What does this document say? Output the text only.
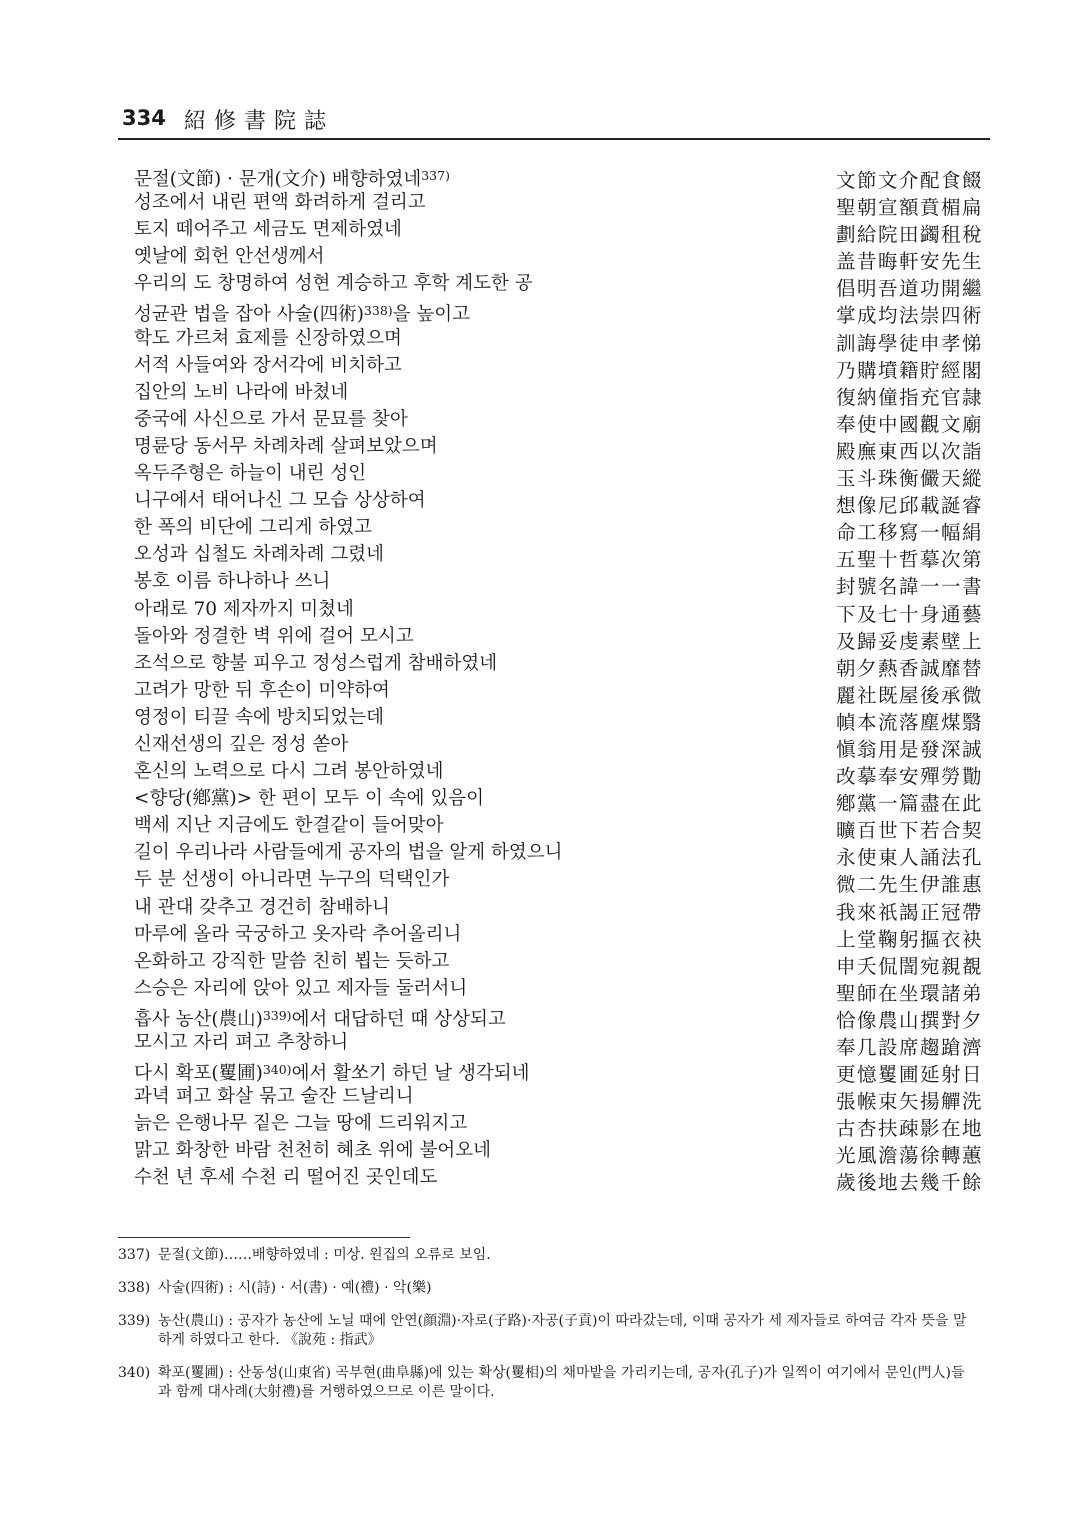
334 紹修書院誌
문절(文節) · 문개(文介) 배향하였네$^{337)}$	文節文介配食餟
성조에서 내린 편액 화려하게 걸리고	聖朝宣額賁楣扁
토지 떼어주고 세금도 면제하였네	劃給院田蠲租稅
옛날에 회헌 안선생께서	盖昔晦軒安先生
우리의 도 창명하여 성현 계승하고 후학 계도한 공	倡明吾道功開繼
성균관 법을 잡아 사술(四術)$^{338)}$을 높이고	掌成均法崇四術
학도 가르쳐 효제를 신장하였으며	訓誨學徒申孝悌
서적 사들여와 장서각에 비치하고	乃購墳籍貯經閣
집안의 노비 나라에 바쳤네	復納僮指充官隷
중국에 사신으로 가서 문묘를 찾아	奉使中國觀文廟
명륜당 동서무 차례차례 살펴보았으며	殿廡東西以次詣
옥두주형은 하늘이 내린 성인	玉斗珠衡儼天縱
니구에서 태어나신 그 모습 상상하여	想像尼邱載誕睿
한 폭의 비단에 그리게 하였고	命工移寫一幅絹
오성과 십철도 차례차례 그렸네	五聖十哲摹次第
봉호 이름 하나하나 쓰니	封號名諱一一書
아래로 70 제자까지 미쳤네	下及七十身通藝
돌아와 정결한 벽 위에 걸어 모시고	及歸妥虔素壁上
조석으로 향불 피우고 정성스럽게 참배하였네	朝夕爇香誠靡替
고려가 망한 뒤 후손이 미약하여	麗社既屋後承微
영정이 티끌 속에 방치되었는데	幀本流落塵煤翳
신재선생의 깊은 정성 쏟아	愼翁用是發深誠
혼신의 노력으로 다시 그려 봉안하였네	改摹奉安殫勞勩
<향당(鄕黨)> 한 편이 모두 이 속에 있음이	鄕黨一篇盡在此
백세 지난 지금에도 한결같이 들어맞아	曠百世下若合契
길이 우리나라 사람들에게 공자의 법을 알게 하였으니	永使東人誦法孔
두 분 선생이 아니라면 누구의 덕택인가	微二先生伊誰惠
내 관대 갖추고 경건히 참배하니	我來祇謁正冠帶
마루에 올라 국궁하고 옷자락 추어올리니	上堂鞠躬摳衣袂
온화하고 강직한 말씀 친히 뵙는 듯하고	申夭侃誾宛親覩
스승은 자리에 앉아 있고 제자들 둘러서니	聖師在坐環諸弟
흡사 농산(農山)$^{339)}$에서 대답하던 때 상상되고	恰像農山撰對夕
모시고 자리 펴고 추창하니	奉几設席趨蹌濟
다시 확포(矍圃)$^{340)}$에서 활쏘기 하던 날 생각되네	更憶矍圃延射日
과녁 펴고 화살 묶고 술잔 드날리니	張帿束矢揚觶洗
늙은 은행나무 짙은 그늘 땅에 드리워지고	古杏扶疎影在地
맑고 화창한 바람 천천히 혜초 위에 불어오네	光風澹蕩徐轉蕙
수천 년 후세 수천 리 떨어진 곳인데도	歲後地去幾千餘
337) 문절(文節)……배향하였네 : 미상. 원집의 오류로 보임.
338) 사술(四術) : 시(詩) · 서(書) · 예(禮) · 악(樂)
339) 농산(農山) : 공자가 농산에 노닐 때에 안연(顔淵)·자로(子路)·자공(子貢)이 따라갔는데, 이때 공자가 세 제자들로 하여금 각자 뜻을 말하게 하였다고 한다. 《說苑 : 指武》
340) 확포(矍圃) : 산동성(山東省) 곡부현(曲阜縣)에 있는 확상(矍相)의 채마밭을 가리키는데, 공자(孔子)가 일찍이 여기에서 문인(門人)들과 함께 대사례(大射禮)를 거행하였으므로 이른 말이다.
